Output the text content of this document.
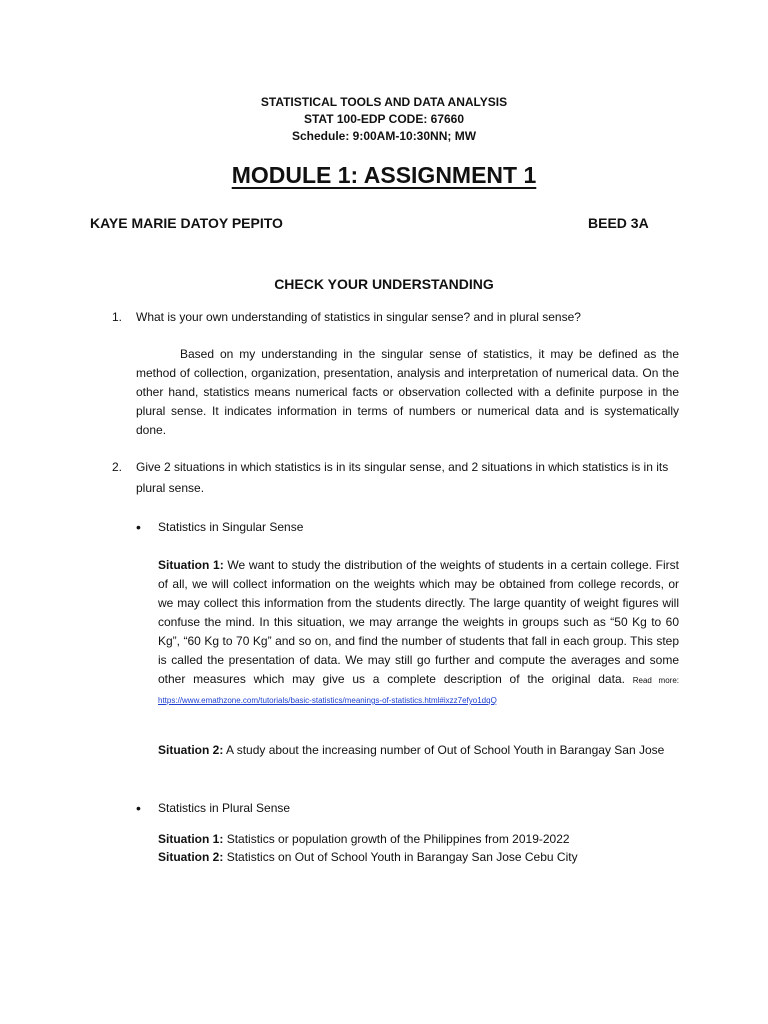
STATISTICAL TOOLS AND DATA ANALYSIS
STAT 100-EDP CODE: 67660
Schedule: 9:00AM-10:30NN; MW
MODULE 1: ASSIGNMENT 1
KAYE MARIE DATOY PEPITO	BEED 3A
CHECK YOUR UNDERSTANDING
1. What is your own understanding of statistics in singular sense? and in plural sense?

Based on my understanding in the singular sense of statistics, it may be defined as the method of collection, organization, presentation, analysis and interpretation of numerical data. On the other hand, statistics means numerical facts or observation collected with a definite purpose in the plural sense. It indicates information in terms of numbers or numerical data and is systematically done.

2. Give 2 situations in which statistics is in its singular sense, and 2 situations in which statistics is in its plural sense.
• Statistics in Singular Sense

Situation 1: We want to study the distribution of the weights of students in a certain college. First of all, we will collect information on the weights which may be obtained from college records, or we may collect this information from the students directly. The large quantity of weight figures will confuse the mind. In this situation, we may arrange the weights in groups such as “50 Kg to 60 Kg”, “60 Kg to 70 Kg” and so on, and find the number of students that fall in each group. This step is called the presentation of data. We may still go further and compute the averages and some other measures which may give us a complete description of the original data. Read more: https://www.emathzone.com/tutorials/basic-statistics/meanings-of-statistics.html#ixzz7efyo1dqQ

Situation 2: A study about the increasing number of Out of School Youth in Barangay San Jose

• Statistics in Plural Sense

Situation 1: Statistics or population growth of the Philippines from 2019-2022

Situation 2: Statistics on Out of School Youth in Barangay San Jose Cebu City
